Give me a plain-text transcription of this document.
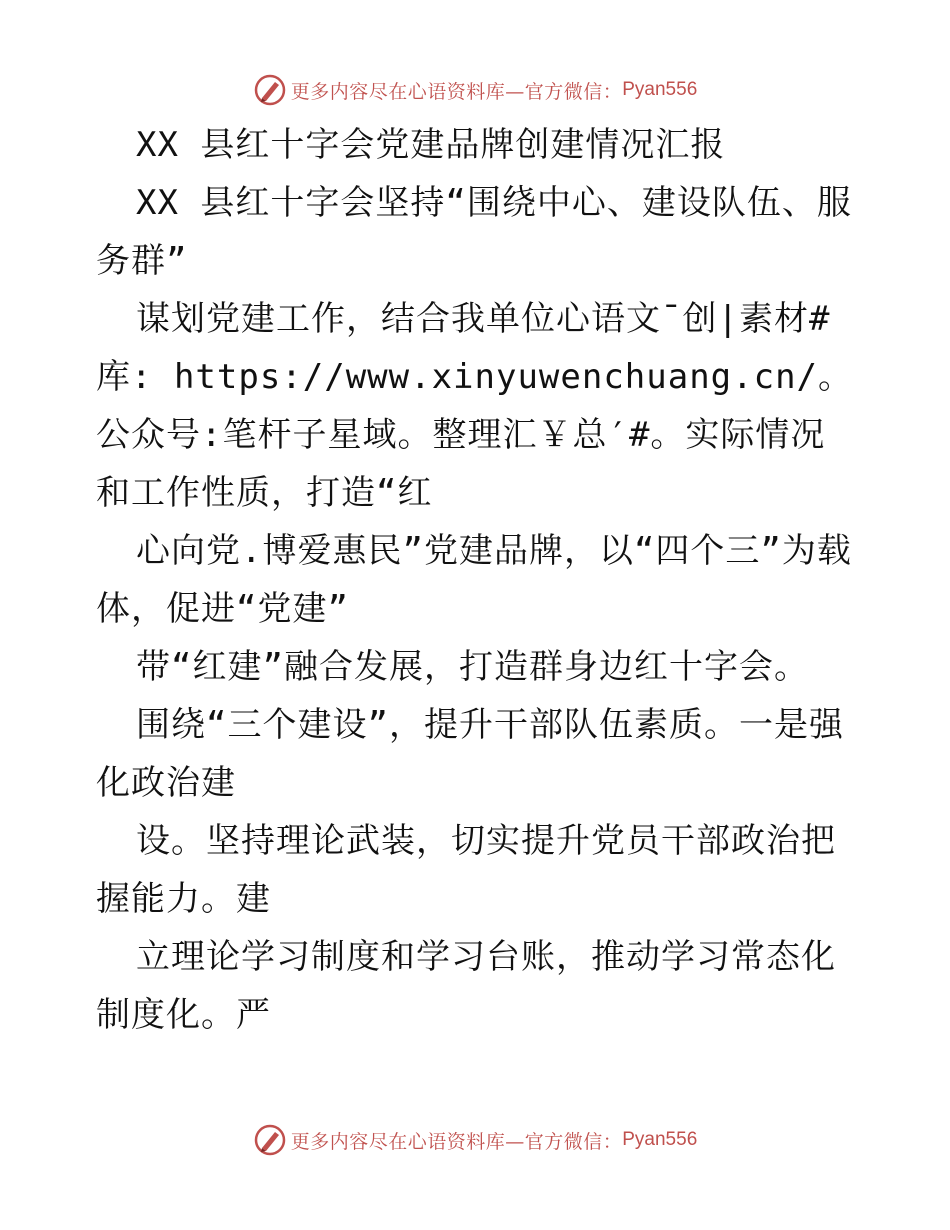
更多内容尽在心语资料库—官方微信： Pyan556

XX 县红十字会党建品牌创建情况汇报

XX 县红十字会坚持“围绕中心、建设队伍、服务群”

谋划党建工作，结合我单位心语文¯创|素材#库: https://www.xinyuwenchuang.cn/。公众号:笔杆子星域。整理汇￥总′#。实际情况和工作性质，打造“红

心向党.博爱惠民”党建品牌，以“四个三”为载体，促进“党建”

带“红建”融合发展，打造群身边红十字会。

围绕“三个建设”，提升干部队伍素质。一是强化政治建

设。坚持理论武装，切实提升党员干部政治把握能力。建

立理论学习制度和学习台账，推动学习常态化制度化。严

更多内容尽在心语资料库—官方微信： Pyan556
